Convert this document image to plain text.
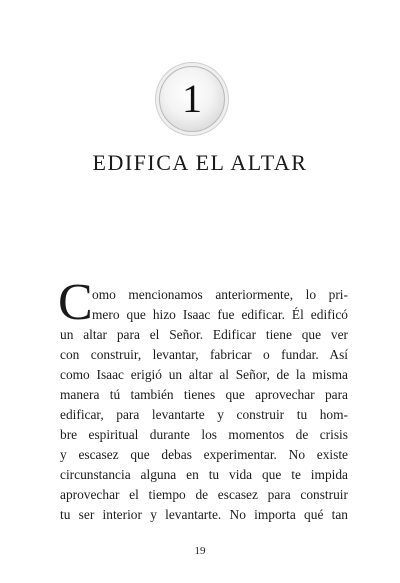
1
EDIFICA EL ALTAR
C omo mencionamos anteriormente, lo pri-
mero que hizo Isaac fue edificar. Él edificó
un altar para el Señor. Edificar tiene que ver
con construir, levantar, fabricar o fundar. Así
como Isaac erigió un altar al Señor, de la misma
manera tú también tienes que aprovechar para
edificar, para levantarte y construir tu hom-
bre espiritual durante los momentos de crisis
y escasez que debas experimentar. No existe
circunstancia alguna en tu vida que te impida
aprovechar el tiempo de escasez para construir
tu ser interior y levantarte. No importa qué tan
19
